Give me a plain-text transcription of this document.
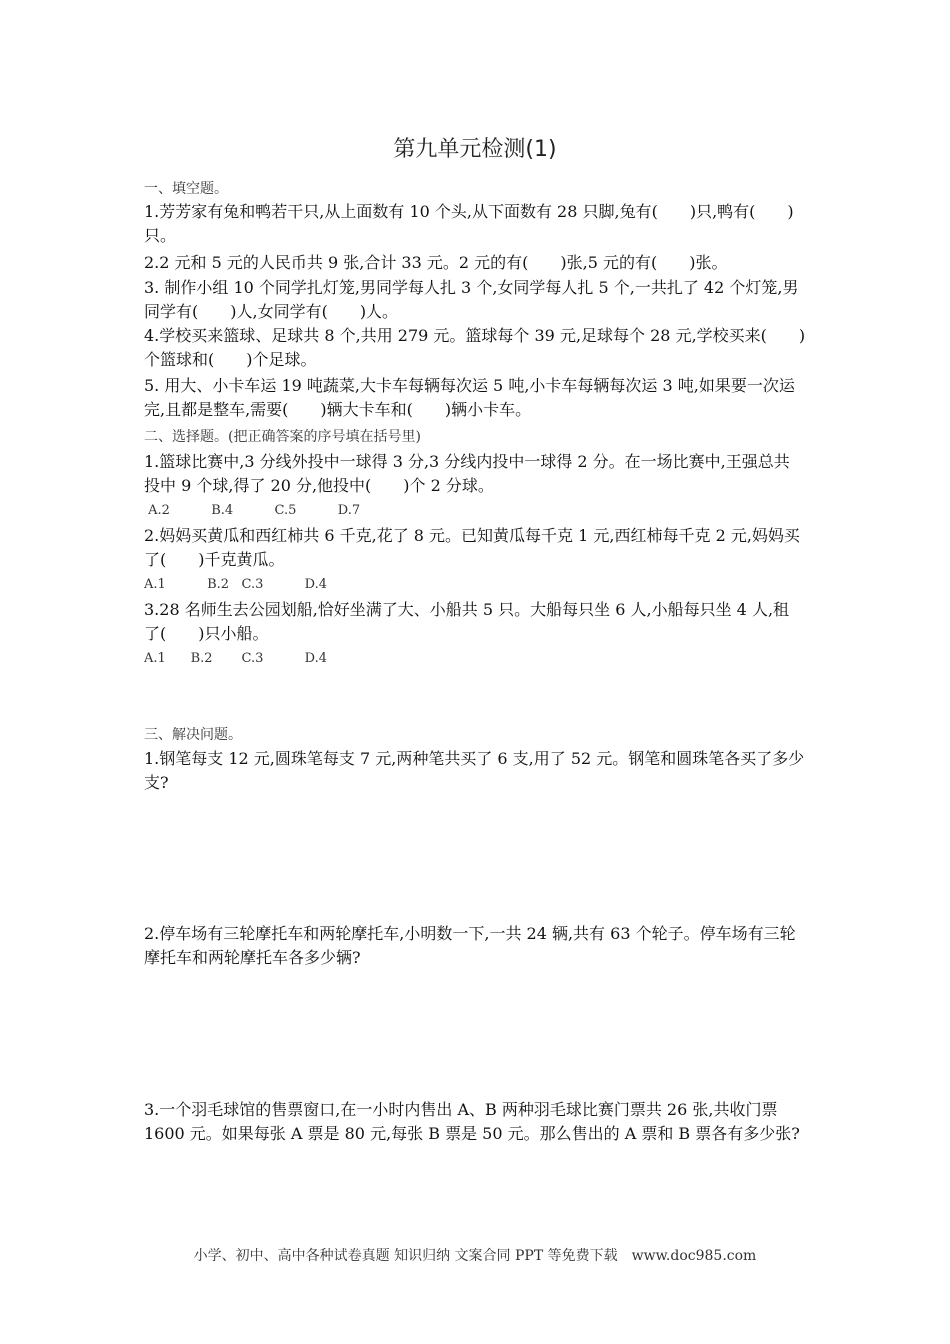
第九单元检测(1)
一、填空题。
1.芳芳家有兔和鸭若干只,从上面数有 10 个头,从下面数有 28 只脚,兔有(　　)只,鸭有(　　)
只。
2.2 元和 5 元的人民币共 9 张,合计 33 元。2 元的有(　　)张,5 元的有(　　)张。
3. 制作小组 10 个同学扎灯笼,男同学每人扎 3 个,女同学每人扎 5 个,一共扎了 42 个灯笼,男
同学有(　　)人,女同学有(　　)人。
4.学校买来篮球、足球共 8 个,共用 279 元。篮球每个 39 元,足球每个 28 元,学校买来(　　)
个篮球和(　　)个足球。
5. 用大、小卡车运 19 吨蔬菜,大卡车每辆每次运 5 吨,小卡车每辆每次运 3 吨,如果要一次运
完,且都是整车,需要(　　)辆大卡车和(　　)辆小卡车。
二、选择题。(把正确答案的序号填在括号里)
1.篮球比赛中,3 分线外投中一球得 3 分,3 分线内投中一球得 2 分。在一场比赛中,王强总共
投中 9 个球,得了 20 分,他投中(　　)个 2 分球。
A.2          B.4          C.5          D.7
2.妈妈买黄瓜和西红柿共 6 千克,花了 8 元。已知黄瓜每千克 1 元,西红柿每千克 2 元,妈妈买
了(　　)千克黄瓜。
A.1          B.2   C.3          D.4
3.28 名师生去公园划船,恰好坐满了大、小船共 5 只。大船每只坐 6 人,小船每只坐 4 人,租
了(　　)只小船。
A.1      B.2       C.3          D.4
三、解决问题。
1.钢笔每支 12 元,圆珠笔每支 7 元,两种笔共买了 6 支,用了 52 元。钢笔和圆珠笔各买了多少
支?
2.停车场有三轮摩托车和两轮摩托车,小明数一下,一共 24 辆,共有 63 个轮子。停车场有三轮
摩托车和两轮摩托车各多少辆?
3.一个羽毛球馆的售票窗口,在一小时内售出 A、B 两种羽毛球比赛门票共 26 张,共收门票
1600 元。如果每张 A 票是 80 元,每张 B 票是 50 元。那么售出的 A 票和 B 票各有多少张?
小学、初中、高中各种试卷真题 知识归纳 文案合同 PPT 等免费下载　www.doc985.com
